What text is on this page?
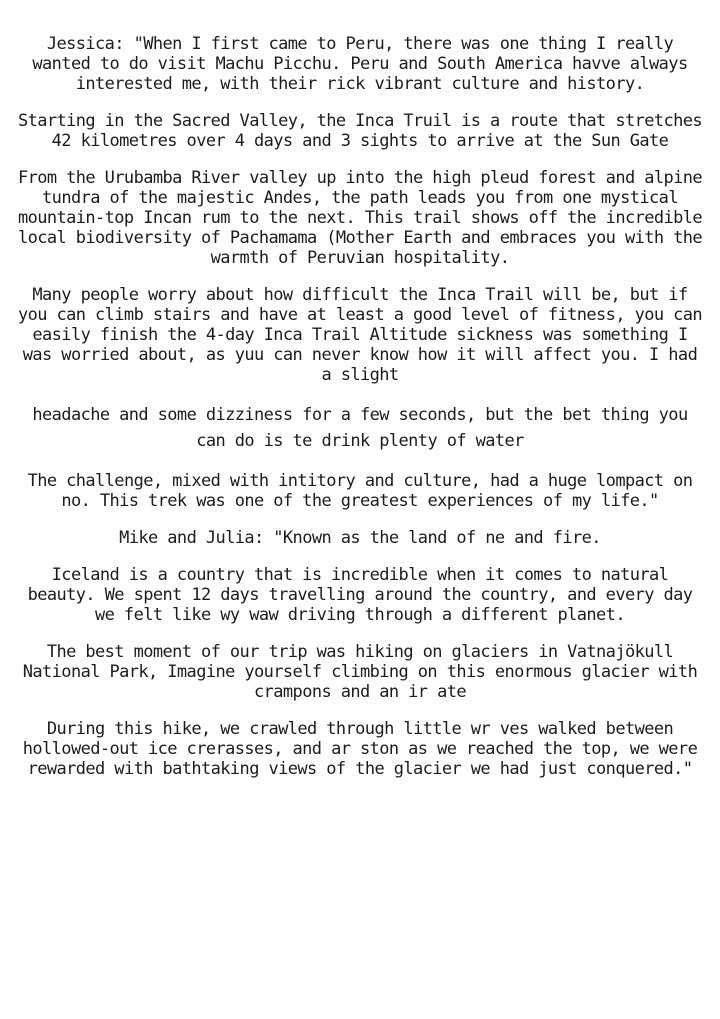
Jessica: "When I first came to Peru, there was one thing I really wanted to do visit Machu Picchu. Peru and South America havve always interested me, with their rick vibrant culture and history.

Starting in the Sacred Valley, the Inca Truil is a route that stretches 42 kilometres over 4 days and 3 sights to arrive at the Sun Gate

From the Urubamba River valley up into the high pleud forest and alpine tundra of the majestic Andes, the path leads you from one mystical mountain-top Incan rum to the next. This trail shows off the incredible local biodiversity of Pachamama (Mother Earth and embraces you with the warmth of Peruvian hospitality.

Many people worry about how difficult the Inca Trail will be, but if you can climb stairs and have at least a good level of fitness, you can easily finish the 4-day Inca Trail Altitude sickness was something I was worried about, as yuu can never know how it will affect you. I had a slight

headache and some dizziness for a few seconds, but the bet thing you can do is te drink plenty of water

The challenge, mixed with intitory and culture, had a huge lompact on no. This trek was one of the greatest experiences of my life."

Mike and Julia: "Known as the land of ne and fire.

Iceland is a country that is incredible when it comes to natural beauty. We spent 12 days travelling around the country, and every day we felt like wy waw driving through a different planet.

The best moment of our trip was hiking on glaciers in Vatnajökull National Park, Imagine yourself climbing on this enormous glacier with crampons and an ir ate

During this hike, we crawled through little wr ves walked between hollowed-out ice crerasses, and ar ston as we reached the top, we were rewarded with bathtaking views of the glacier we had just conquered."
